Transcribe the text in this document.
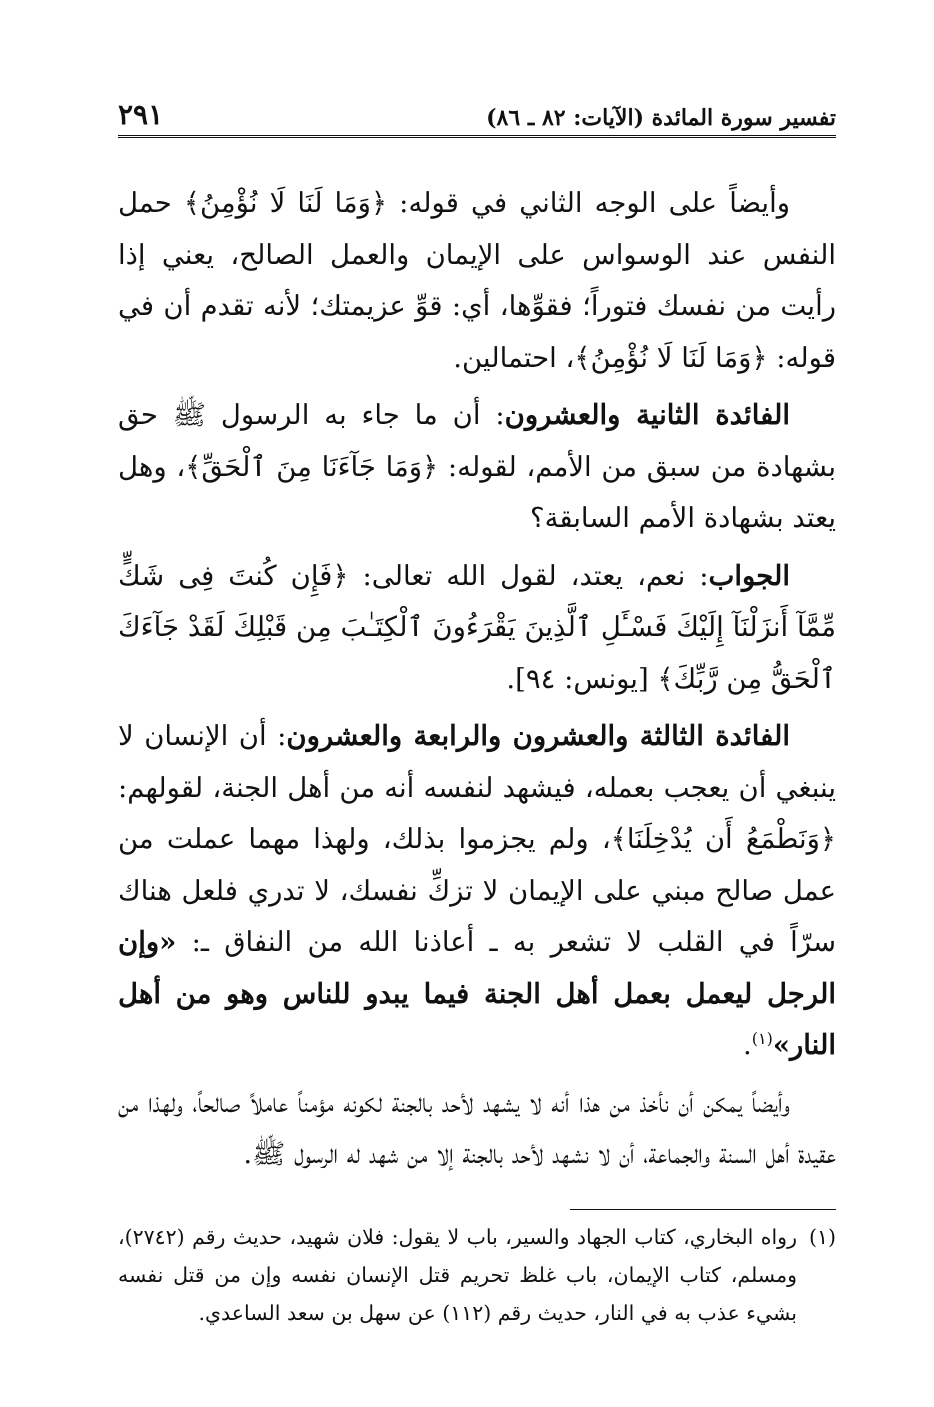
تفسير سورة المائدة (الآيات: ٨٢ ـ ٨٦)
٢٩١

وأيضاً على الوجه الثاني في قوله: ﴿وَمَا لَنَا لَا نُؤْمِنُ﴾ حمل النفس عند الوسواس على الإيمان والعمل الصالح، يعني إذا رأيت من نفسك فتوراً؛ فقوِّها، أي: قوِّ عزيمتك؛ لأنه تقدم أن في قوله: ﴿وَمَا لَنَا لَا نُؤْمِنُ﴾، احتمالين.

الفائدة الثانية والعشرون: أن ما جاء به الرسول ﷺ حق بشهادة من سبق من الأمم، لقوله: ﴿وَمَا جَآءَنَا مِنَ ٱلْحَقِّ﴾، وهل يعتد بشهادة الأمم السابقة؟

الجواب: نعم، يعتد، لقول الله تعالى: ﴿فَإِن كُنتَ فِى شَكٍّ مِّمَّآ أَنزَلْنَآ إِلَيْكَ فَسْـَٔلِ ٱلَّذِينَ يَقْرَءُونَ ٱلْكِتَـٰبَ مِن قَبْلِكَ لَقَدْ جَآءَكَ ٱلْحَقُّ مِن رَّبِّكَ﴾ [يونس: ٩٤].

الفائدة الثالثة والعشرون والرابعة والعشرون: أن الإنسان لا ينبغي أن يعجب بعمله، فيشهد لنفسه أنه من أهل الجنة، لقولهم: ﴿وَنَطْمَعُ أَن يُدْخِلَنَا﴾، ولم يجزموا بذلك، ولهذا مهما عملت من عمل صالح مبني على الإيمان لا تزكِّ نفسك، لا تدري فلعل هناك سرّاً في القلب لا تشعر به ـ أعاذنا الله من النفاق ـ: «وإن الرجل ليعمل بعمل أهل الجنة فيما يبدو للناس وهو من أهل النار»$^{(١)}$.

وأيضاً يمكن أن نأخذ من هذا أنه لا يشهد لأحد بالجنة لكونه مؤمناً عاملاً صالحاً، ولهذا من عقيدة أهل السنة والجماعة، أن لا نشهد لأحد بالجنة إلا من شهد له الرسول ﷺ.

(١)
رواه البخاري، كتاب الجهاد والسير، باب لا يقول: فلان شهيد، حديث رقم (٢٧٤٢)، ومسلم، كتاب الإيمان، باب غلظ تحريم قتل الإنسان نفسه وإن من قتل نفسه بشيء عذب به في النار، حديث رقم (١١٢) عن سهل بن سعد الساعدي.
